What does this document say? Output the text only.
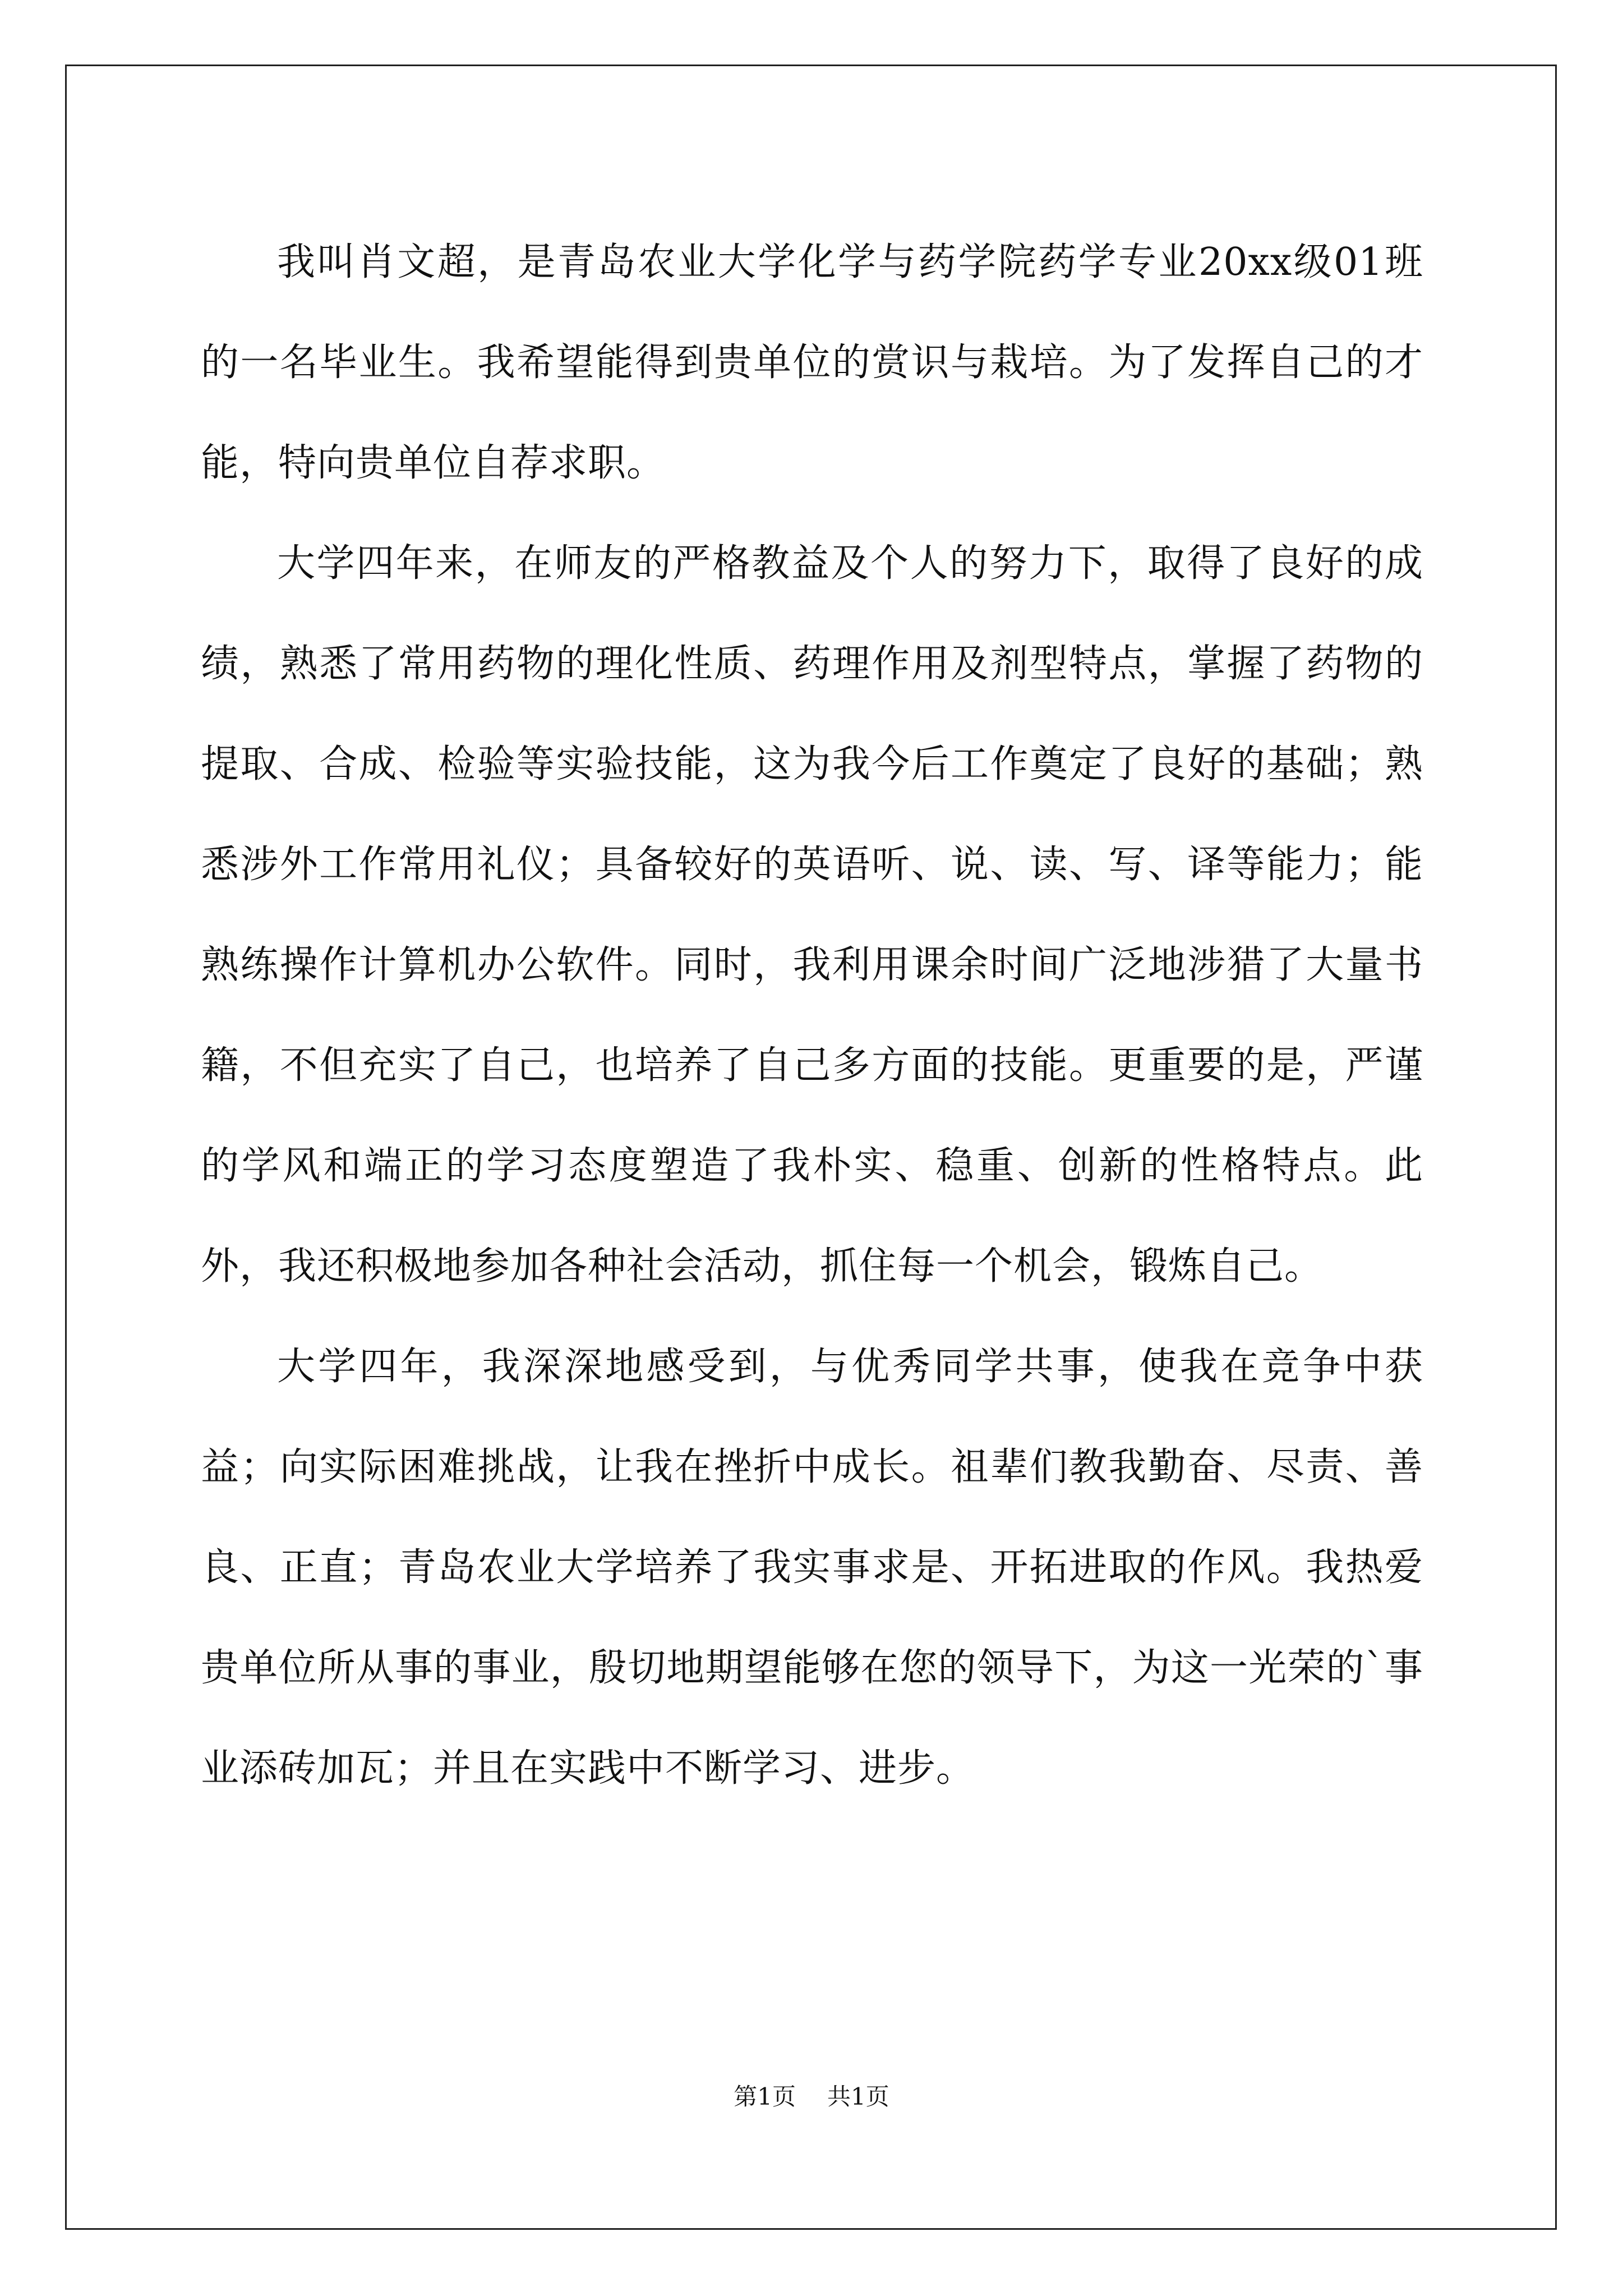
我叫肖文超，是青岛农业大学化学与药学院药学专业20xx级01班的一名毕业生。我希望能得到贵单位的赏识与栽培。为了发挥自己的才能，特向贵单位自荐求职。

大学四年来，在师友的严格教益及个人的努力下，取得了良好的成绩，熟悉了常用药物的理化性质、药理作用及剂型特点，掌握了药物的提取、合成、检验等实验技能，这为我今后工作奠定了良好的基础；熟悉涉外工作常用礼仪；具备较好的英语听、说、读、写、译等能力；能熟练操作计算机办公软件。同时，我利用课余时间广泛地涉猎了大量书籍，不但充实了自己，也培养了自己多方面的技能。更重要的是，严谨的学风和端正的学习态度塑造了我朴实、稳重、创新的性格特点。此外，我还积极地参加各种社会活动，抓住每一个机会，锻炼自己。

大学四年，我深深地感受到，与优秀同学共事，使我在竞争中获益；向实际困难挑战，让我在挫折中成长。祖辈们教我勤奋、尽责、善良、正直；青岛农业大学培养了我实事求是、开拓进取的作风。我热爱贵单位所从事的事业，殷切地期望能够在您的领导下，为这一光荣的`事业添砖加瓦；并且在实践中不断学习、进步。

第1页 共1页
